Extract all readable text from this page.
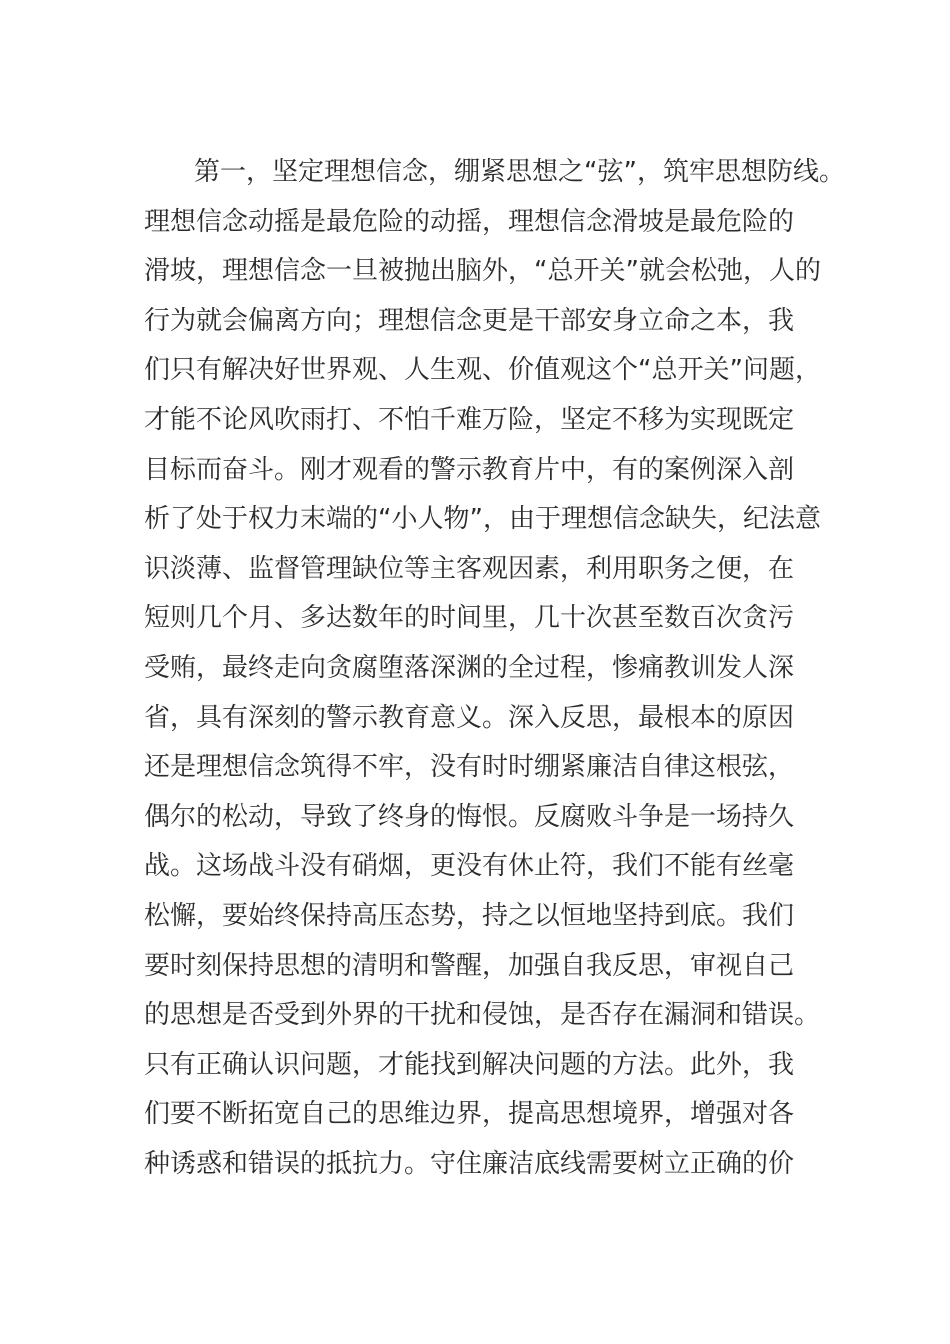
第一，坚定理想信念，绷紧思想之“弦”，筑牢思想防线。
理想信念动摇是最危险的动摇，理想信念滑坡是最危险的
滑坡，理想信念一旦被抛出脑外，“总开关”就会松弛，人的
行为就会偏离方向；理想信念更是干部安身立命之本，我
们只有解决好世界观、人生观、价值观这个“总开关”问题，
才能不论风吹雨打、不怕千难万险，坚定不移为实现既定
目标而奋斗。刚才观看的警示教育片中，有的案例深入剖
析了处于权力末端的“小人物”，由于理想信念缺失，纪法意
识淡薄、监督管理缺位等主客观因素，利用职务之便，在
短则几个月、多达数年的时间里，几十次甚至数百次贪污
受贿，最终走向贪腐堕落深渊的全过程，惨痛教训发人深
省，具有深刻的警示教育意义。深入反思，最根本的原因
还是理想信念筑得不牢，没有时时绷紧廉洁自律这根弦，
偶尔的松动，导致了终身的悔恨。反腐败斗争是一场持久
战。这场战斗没有硝烟，更没有休止符，我们不能有丝毫
松懈，要始终保持高压态势，持之以恒地坚持到底。我们
要时刻保持思想的清明和警醒，加强自我反思，审视自己
的思想是否受到外界的干扰和侵蚀，是否存在漏洞和错误。
只有正确认识问题，才能找到解决问题的方法。此外，我
们要不断拓宽自己的思维边界，提高思想境界，增强对各
种诱惑和错误的抵抗力。守住廉洁底线需要树立正确的价
